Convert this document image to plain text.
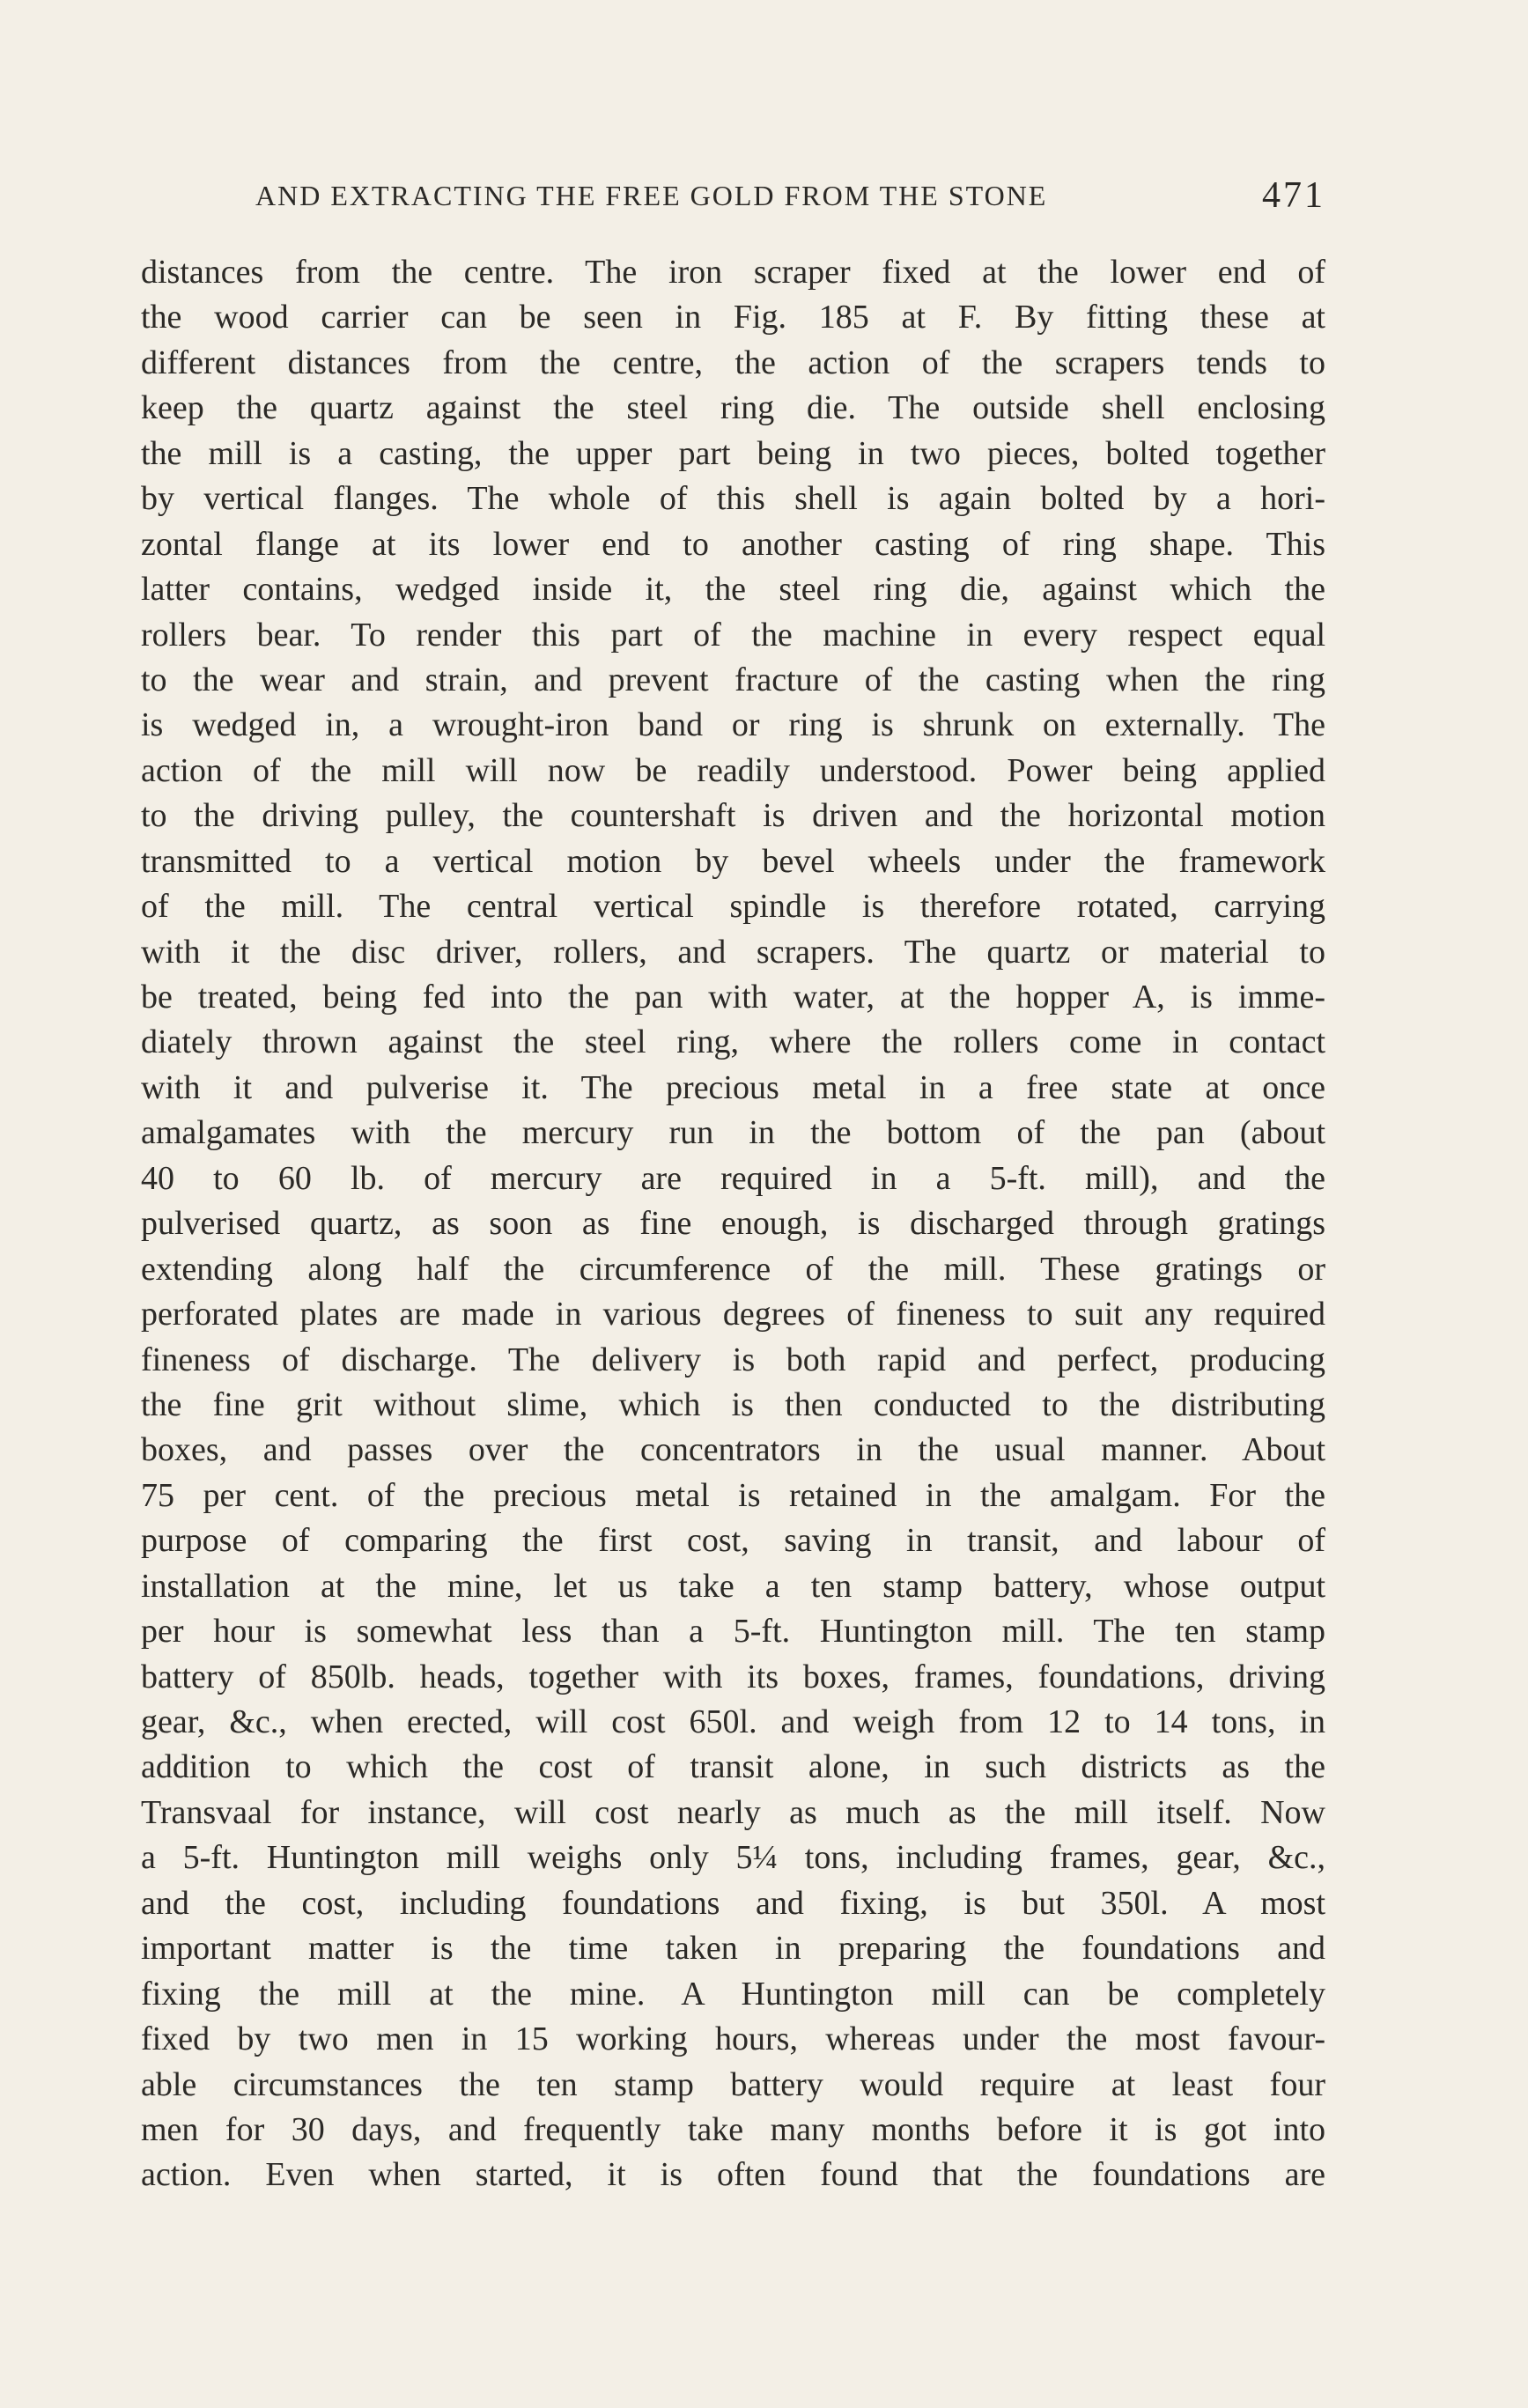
AND EXTRACTING THE FREE GOLD FROM THE STONE	471
distances from the centre. The iron scraper fixed at the lower end of
the wood carrier can be seen in Fig. 185 at F. By fitting these at
different distances from the centre, the action of the scrapers tends to
keep the quartz against the steel ring die. The outside shell enclosing
the mill is a casting, the upper part being in two pieces, bolted together
by vertical flanges. The whole of this shell is again bolted by a hori-
zontal flange at its lower end to another casting of ring shape. This
latter contains, wedged inside it, the steel ring die, against which the
rollers bear. To render this part of the machine in every respect equal
to the wear and strain, and prevent fracture of the casting when the ring
is wedged in, a wrought-iron band or ring is shrunk on externally. The
action of the mill will now be readily understood. Power being applied
to the driving pulley, the countershaft is driven and the horizontal motion
transmitted to a vertical motion by bevel wheels under the framework
of the mill. The central vertical spindle is therefore rotated, carrying
with it the disc driver, rollers, and scrapers. The quartz or material to
be treated, being fed into the pan with water, at the hopper A, is imme-
diately thrown against the steel ring, where the rollers come in contact
with it and pulverise it. The precious metal in a free state at once
amalgamates with the mercury run in the bottom of the pan (about
40 to 60 lb. of mercury are required in a 5-ft. mill), and the
pulverised quartz, as soon as fine enough, is discharged through gratings
extending along half the circumference of the mill. These gratings or
perforated plates are made in various degrees of fineness to suit any required
fineness of discharge. The delivery is both rapid and perfect, producing
the fine grit without slime, which is then conducted to the distributing
boxes, and passes over the concentrators in the usual manner. About
75 per cent. of the precious metal is retained in the amalgam. For the
purpose of comparing the first cost, saving in transit, and labour of
installation at the mine, let us take a ten stamp battery, whose output
per hour is somewhat less than a 5-ft. Huntington mill. The ten stamp
battery of 850lb. heads, together with its boxes, frames, foundations, driving
gear, &c., when erected, will cost 650l. and weigh from 12 to 14 tons, in
addition to which the cost of transit alone, in such districts as the
Transvaal for instance, will cost nearly as much as the mill itself. Now
a 5-ft. Huntington mill weighs only 5¼ tons, including frames, gear, &c.,
and the cost, including foundations and fixing, is but 350l. A most
important matter is the time taken in preparing the foundations and
fixing the mill at the mine. A Huntington mill can be completely
fixed by two men in 15 working hours, whereas under the most favour-
able circumstances the ten stamp battery would require at least four
men for 30 days, and frequently take many months before it is got into
action. Even when started, it is often found that the foundations are
